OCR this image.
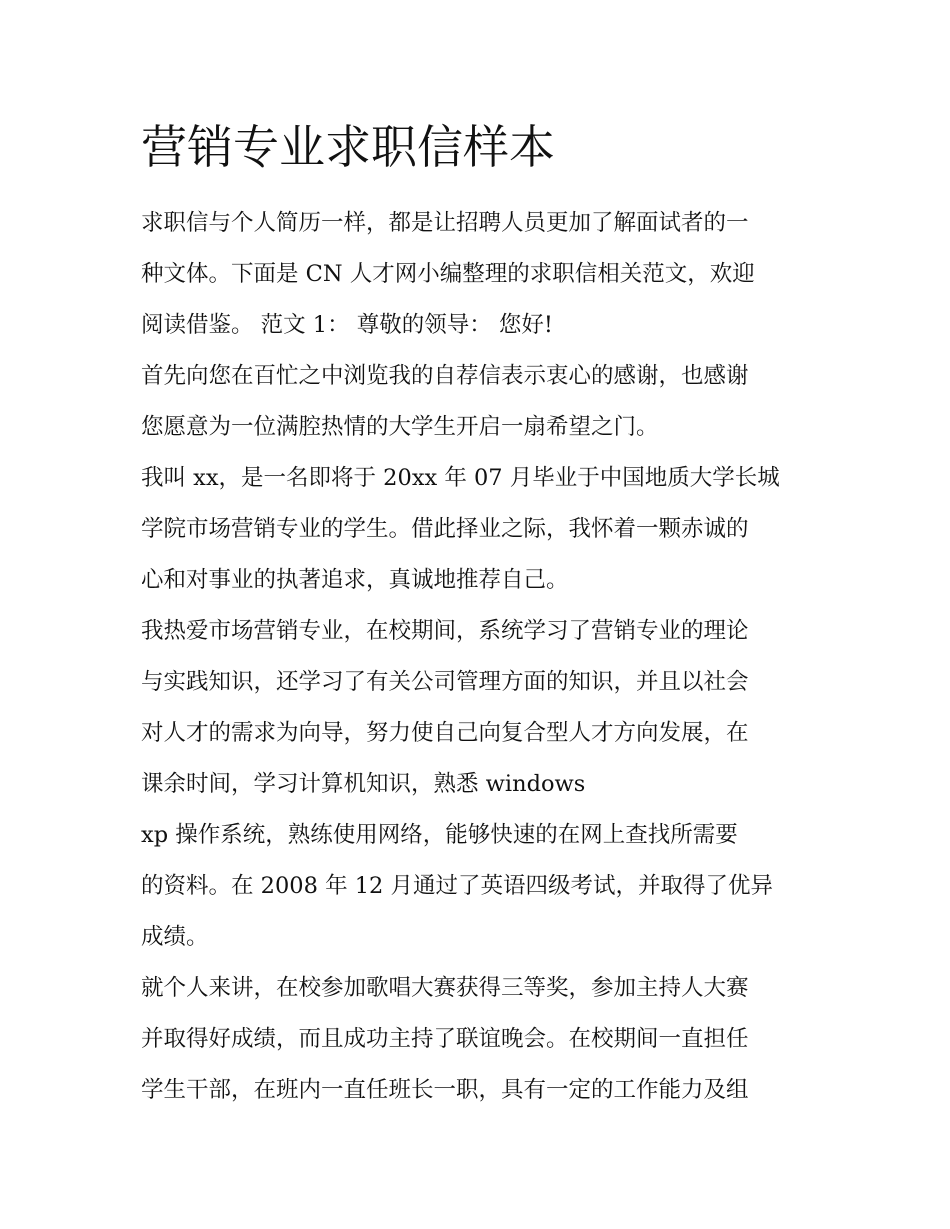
营销专业求职信样本

求职信与个人简历一样，都是让招聘人员更加了解面试者的一

种文体。下面是 CN 人才网小编整理的求职信相关范文，欢迎

阅读借鉴。 范文 1： 尊敬的领导： 您好!

首先向您在百忙之中浏览我的自荐信表示衷心的感谢，也感谢

您愿意为一位满腔热情的大学生开启一扇希望之门。

我叫 xx，是一名即将于 20xx 年 07 月毕业于中国地质大学长城

学院市场营销专业的学生。借此择业之际，我怀着一颗赤诚的

心和对事业的执著追求，真诚地推荐自己。

我热爱市场营销专业，在校期间，系统学习了营销专业的理论

与实践知识，还学习了有关公司管理方面的知识，并且以社会

对人才的需求为向导，努力使自己向复合型人才方向发展，在

课余时间，学习计算机知识，熟悉 windows

xp 操作系统，熟练使用网络，能够快速的在网上查找所需要

的资料。在 2008 年 12 月通过了英语四级考试，并取得了优异

成绩。

就个人来讲，在校参加歌唱大赛获得三等奖，参加主持人大赛

并取得好成绩，而且成功主持了联谊晚会。在校期间一直担任

学生干部，在班内一直任班长一职，具有一定的工作能力及组
